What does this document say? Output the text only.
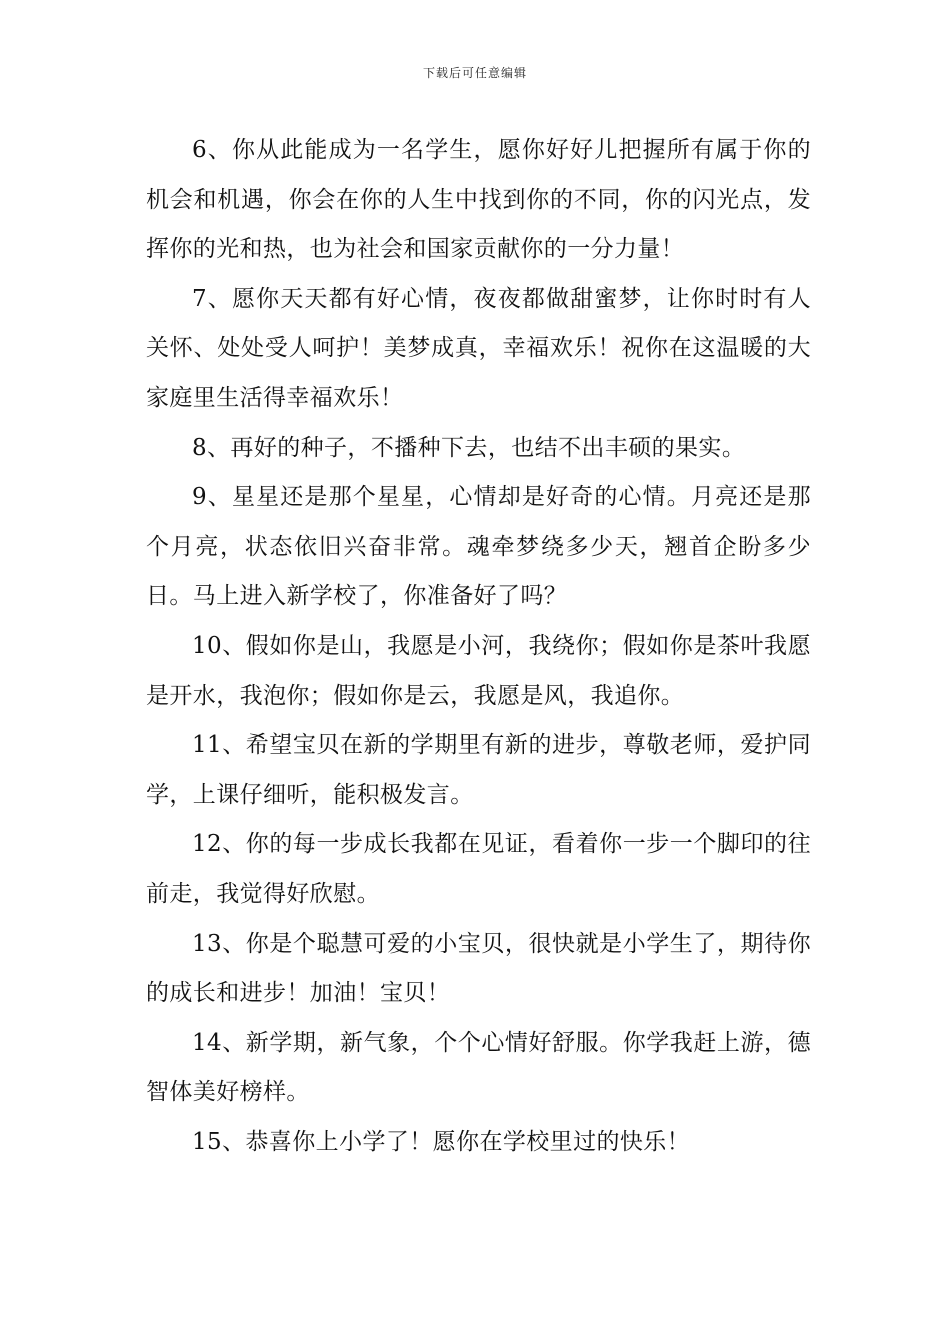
下载后可任意编辑

6、你从此能成为一名学生，愿你好好儿把握所有属于你的机会和机遇，你会在你的人生中找到你的不同，你的闪光点，发挥你的光和热，也为社会和国家贡献你的一分力量！

7、愿你天天都有好心情，夜夜都做甜蜜梦，让你时时有人关怀、处处受人呵护！美梦成真，幸福欢乐！祝你在这温暖的大家庭里生活得幸福欢乐！

8、再好的种子，不播种下去，也结不出丰硕的果实。

9、星星还是那个星星，心情却是好奇的心情。月亮还是那个月亮，状态依旧兴奋非常。魂牵梦绕多少天，翘首企盼多少日。马上进入新学校了，你准备好了吗？

10、假如你是山，我愿是小河，我绕你；假如你是茶叶我愿是开水，我泡你；假如你是云，我愿是风，我追你。

11、希望宝贝在新的学期里有新的进步，尊敬老师，爱护同学，上课仔细听，能积极发言。

12、你的每一步成长我都在见证，看着你一步一个脚印的往前走，我觉得好欣慰。

13、你是个聪慧可爱的小宝贝，很快就是小学生了，期待你的成长和进步！加油！宝贝！

14、新学期，新气象，个个心情好舒服。你学我赶上游，德智体美好榜样。

15、恭喜你上小学了！愿你在学校里过的快乐！
